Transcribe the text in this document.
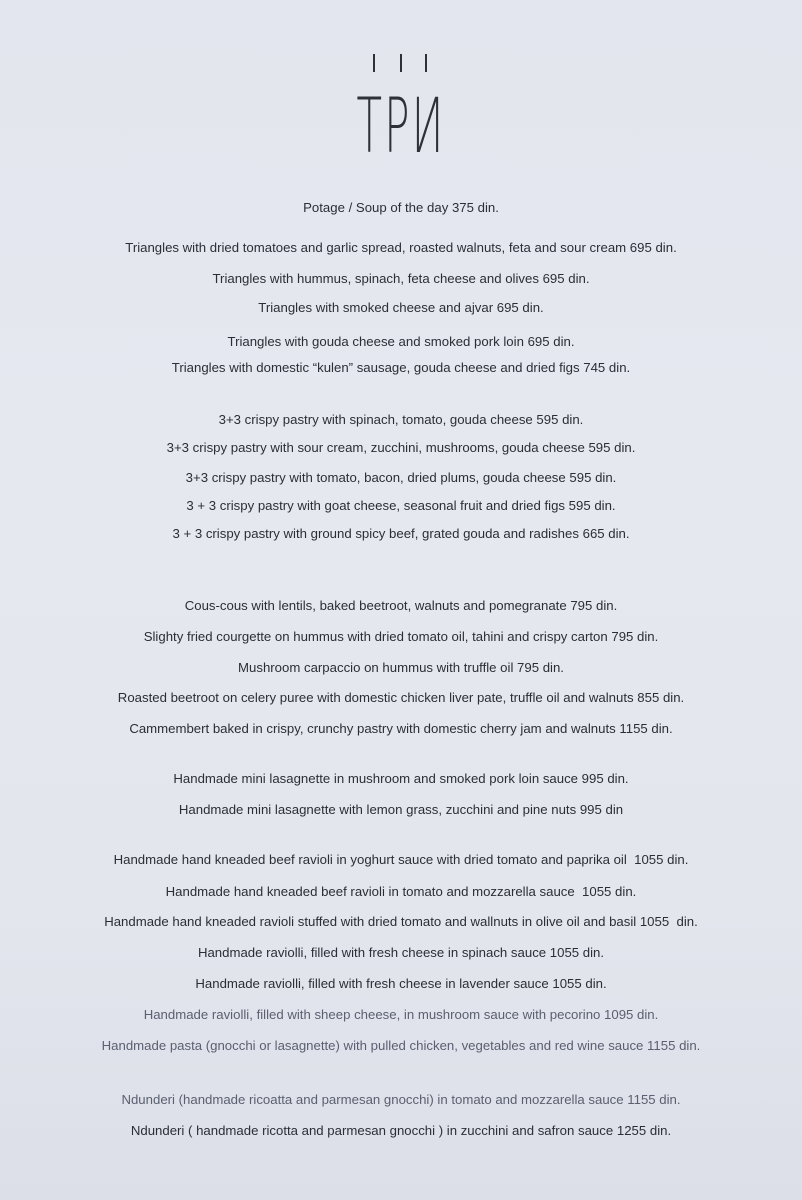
ТРИ
Potage / Soup of the day 375 din.
Triangles with dried tomatoes and garlic spread, roasted walnuts, feta and sour cream 695 din.
Triangles with hummus, spinach, feta cheese and olives 695 din.
Triangles with smoked cheese and ajvar 695 din.
Triangles with gouda cheese and smoked pork loin 695 din.
Triangles with domestic “kulen” sausage, gouda cheese and dried figs 745 din.
3+3 crispy pastry with spinach, tomato, gouda cheese 595 din.
3+3 crispy pastry with sour cream, zucchini, mushrooms, gouda cheese 595 din.
3+3 crispy pastry with tomato, bacon, dried plums, gouda cheese 595 din.
3 + 3 crispy pastry with goat cheese, seasonal fruit and dried figs 595 din.
3 + 3 crispy pastry with ground spicy beef, grated gouda and radishes 665 din.
Cous-cous with lentils, baked beetroot, walnuts and pomegranate 795 din.
Slighty fried courgette on hummus with dried tomato oil, tahini and crispy carton 795 din.
Mushroom carpaccio on hummus with truffle oil 795 din.
Roasted beetroot on celery puree with domestic chicken liver pate, truffle oil and walnuts 855 din.
Cammembert baked in crispy, crunchy pastry with domestic cherry jam and walnuts 1155 din.
Handmade mini lasagnette in mushroom and smoked pork loin sauce 995 din.
Handmade mini lasagnette with lemon grass, zucchini and pine nuts 995 din
Handmade hand kneaded beef ravioli in yoghurt sauce with dried tomato and paprika oil  1055 din.
Handmade hand kneaded beef ravioli in tomato and mozzarella sauce  1055 din.
Handmade hand kneaded ravioli stuffed with dried tomato and wallnuts in olive oil and basil 1055  din.
Handmade raviolli, filled with fresh cheese in spinach sauce 1055 din.
Handmade raviolli, filled with fresh cheese in lavender sauce 1055 din.
Handmade raviolli, filled with sheep cheese, in mushroom sauce with pecorino 1095 din.
Handmade pasta (gnocchi or lasagnette) with pulled chicken, vegetables and red wine sauce 1155 din.
Ndunderi (handmade ricoatta and parmesan gnocchi) in tomato and mozzarella sauce 1155 din.
Ndunderi ( handmade ricotta and parmesan gnocchi ) in zucchini and safron sauce 1255 din.
